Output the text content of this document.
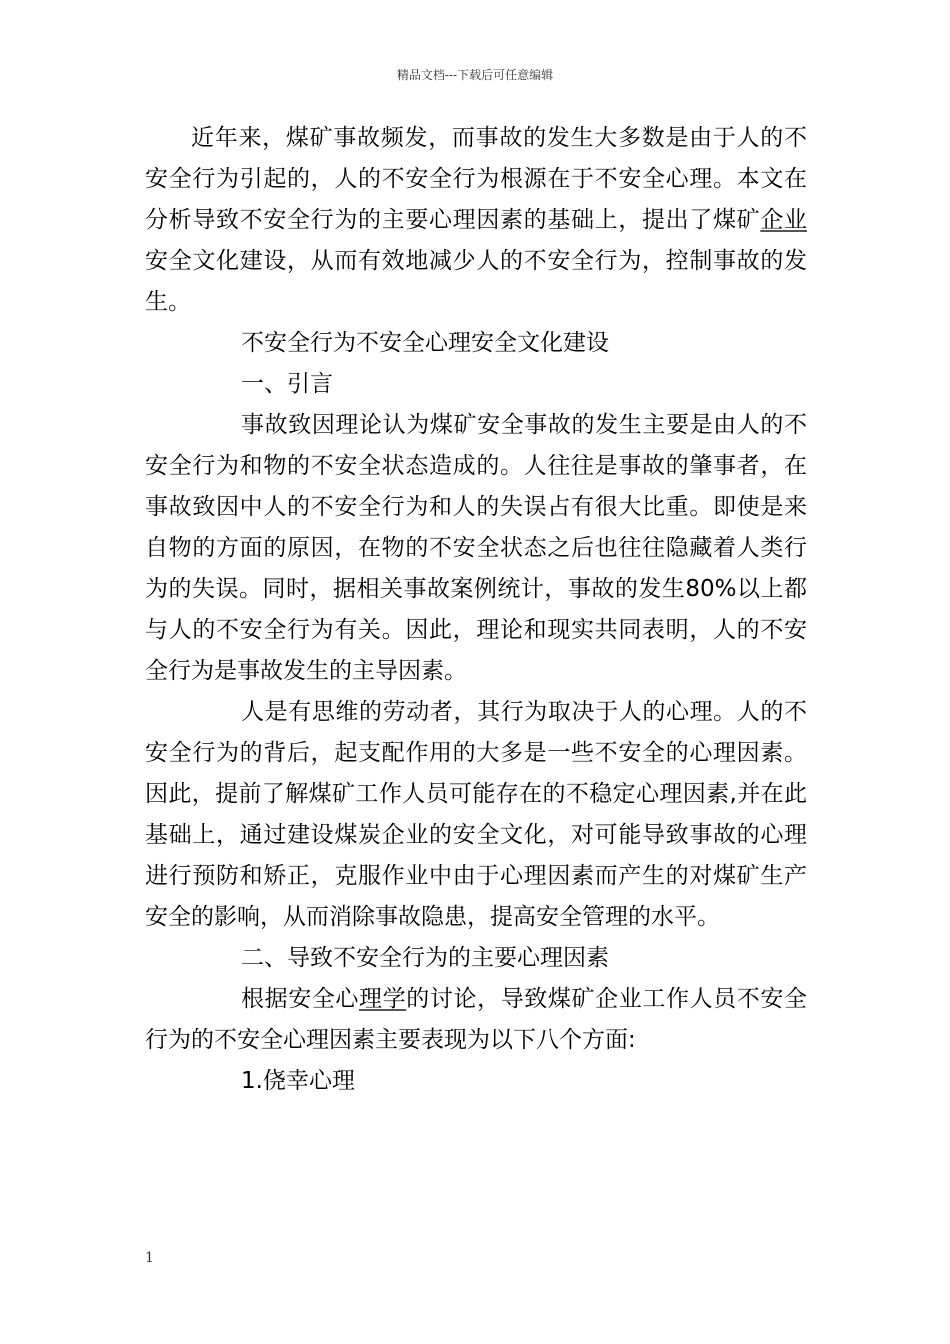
精品文档---下载后可任意编辑

近年来，煤矿事故频发，而事故的发生大多数是由于人的不安全行为引起的，人的不安全行为根源在于不安全心理。本文在分析导致不安全行为的主要心理因素的基础上，提出了煤矿企业安全文化建设，从而有效地减少人的不安全行为，控制事故的发生。

不安全行为不安全心理安全文化建设

一、引言

事故致因理论认为煤矿安全事故的发生主要是由人的不安全行为和物的不安全状态造成的。人往往是事故的肇事者，在事故致因中人的不安全行为和人的失误占有很大比重。即使是来自物的方面的原因，在物的不安全状态之后也往往隐藏着人类行为的失误。同时，据相关事故案例统计，事故的发生80%以上都与人的不安全行为有关。因此，理论和现实共同表明，人的不安全行为是事故发生的主导因素。

人是有思维的劳动者，其行为取决于人的心理。人的不安全行为的背后，起支配作用的大多是一些不安全的心理因素。因此，提前了解煤矿工作人员可能存在的不稳定心理因素,并在此基础上，通过建设煤炭企业的安全文化，对可能导致事故的心理进行预防和矫正，克服作业中由于心理因素而产生的对煤矿生产安全的影响，从而消除事故隐患，提高安全管理的水平。

二、导致不安全行为的主要心理因素

根据安全心理学的讨论，导致煤矿企业工作人员不安全行为的不安全心理因素主要表现为以下八个方面:

1.侥幸心理

1
